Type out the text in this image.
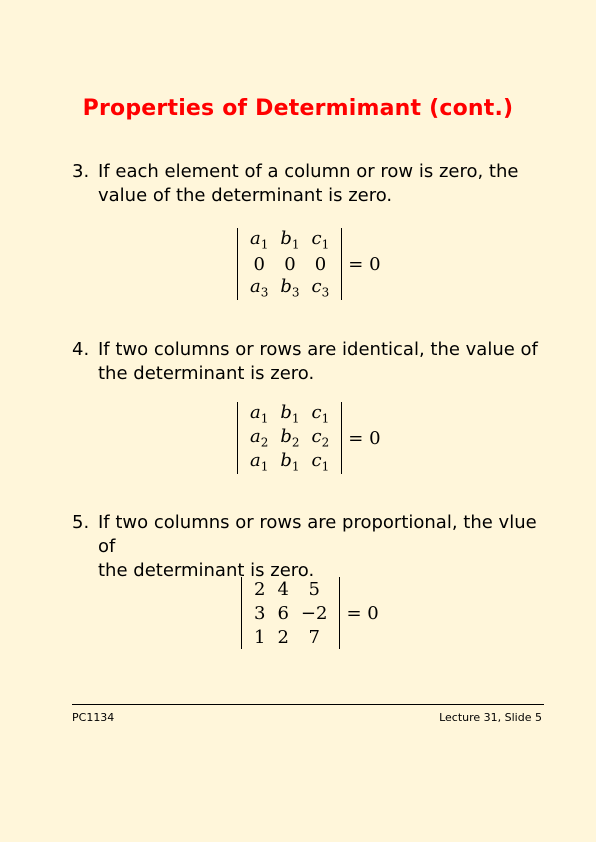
Properties of Determimant (cont.)
3. If each element of a column or row is zero, the
value of the determinant is zero.
$a_1$	$b_1$	$c_1$
0	0	0
$a_3$	$b_3$	$c_3$
= 0
4. If two columns or rows are identical, the value of
the determinant is zero.
$a_1$	$b_1$	$c_1$
$a_2$	$b_2$	$c_2$
$a_1$	$b_1$	$c_1$
= 0
5. If two columns or rows are proportional, the vlue of
the determinant is zero.
2	4	5
3	6	−2
1	2	7
= 0
PC1134	Lecture 31, Slide 5
